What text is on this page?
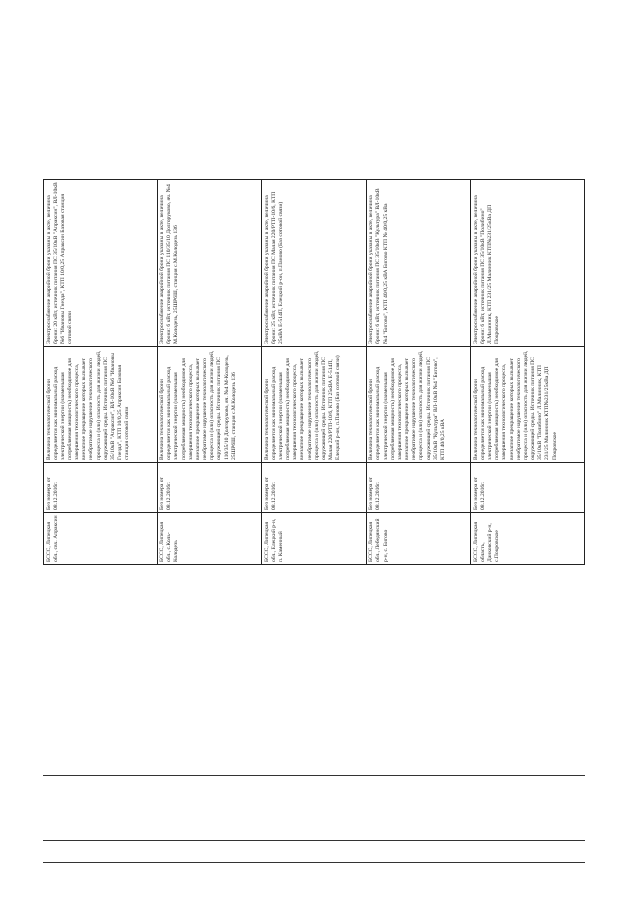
БССС, Липецкая обл., свх. Апраксин	Без номера от 08.12.2016г.	Величина технологической брони определяется как минимальный расход электрической энергии (наименьшая потребляемая мощность) необходимое для завершения технологического процесса, внезапное прекращение которых вызывает необратимое нарушение технологического процесса и (или) опасность для жизни людей, окружающей среды. Источник питания ПС 35/10кВ "Апраксин", ВЛ-10кВ №6 "Ивановы Гнезда", КТП 10/0,25 Апраксин Базовая станция сотовой связи	Электроснабжение аварийной брони указаны в акте, величина брони: 20 кВт, источник питания ПС 35/10кВ "Апраксин", ВЛ-10кВ №6 "Ивановы Гнезда", КТП 10/0,25 Апраксин Базовая станция сотовой связи
БССС, Липецкая обл., с.Коль-Колодезь	Без номера от 08.12.2016г.	Величина технологической брони определяется как минимальный расход электрической энергии (наименьшая потребляемая мощность) необходимое для завершения технологического процесса, внезапное прекращение которых вызывает необратимое нарушение технологического процесса и (или) опасность для жизни людей, окружающей среды. Источник питания ПС 110/35/10 Долгоруково, яч. №4 М-Колодезь, 25ШР6Ш, станция с.М.Колодезь 136	Электроснабжение аварийной брони указаны в акте, величина брони: 6 кВт, источник питания ПС 110/35/10 Долгоруково, яч. №4 М.Колодезь, 25ШР6Ш, станция с.М.Колодезь 136
БССС, Липецкая обл., Елецкий р-н, п. Каменный	Без номера от 08.12.2016г.	Величина технологической брони определяется как минимальный расход электрической энергии (наименьшая потребляемая мощность) необходимое для завершения технологического процесса, внезапное прекращение которых вызывает необратимое нарушение технологического процесса и (или) опасность для жизни людей, окружающей среды. Источник питания ПС Малая 220/РТП-10/6, КТП 25кВА Е-514П, Елецкий р-он, п.Паново (Баз сотовой связи)	Электроснабжение аварийной брони указаны в акте, величина брони: 25 кВт, источник питания ПС Малая 220/РТП-10/6, КТП 25кВА Е-514П, Елецкий р-он, п.Паново (Баз сотовой связи)
БССС, Липецкая обл., Лебедянский р-н, с. Бигово	Без номера от 08.12.2016г.	Величина технологической брони определяется как минимальный расход электрической энергии (наименьшая потребляемая мощность) необходимое для завершения технологического процесса, внезапное прекращение которых вызывает необратимое нарушение технологического процесса и (или) опасность для жизни людей, окружающей среды. Источник питания ПС 35/10кВ "Культура" ВЛ-10кВ №4 "Бигово", КТП 40/0,25 кВА	Электроснабжение аварийной брони указаны в акте, величина брони: 6 кВт, источник питания ПС 35/10кВ "Культура" ВЛ-10кВ №4 "Бигово", КТП 40/0,25 кВА Бигово КТП № 40/0,25 кВа
БССС, Липецкая область, Данковский р-н, с.Покровское	Без номера от 08.12.2016г.	Величина технологической брони определяется как минимальный расход электрической энергии (наименьшая потребляемая мощность) необходимое для завершения технологического процесса, внезапное прекращение которых вызывает необратимое нарушение технологического процесса и (или) опасность для жизни людей, окружающей среды. Источник питания ПС 35/10кВ "Полибино" Л.Малинник, КТП 231/25 Малинник КТП№231/25кВа ДП Покровское	Электроснабжение аварийной брони указаны в акте, величина брони: 6 кВт, источник питания ПС 35/10кВ "Полибино" Л.Малинник, КТП 231/25 Малинник КТП№231/25кВа ДП Покровское
